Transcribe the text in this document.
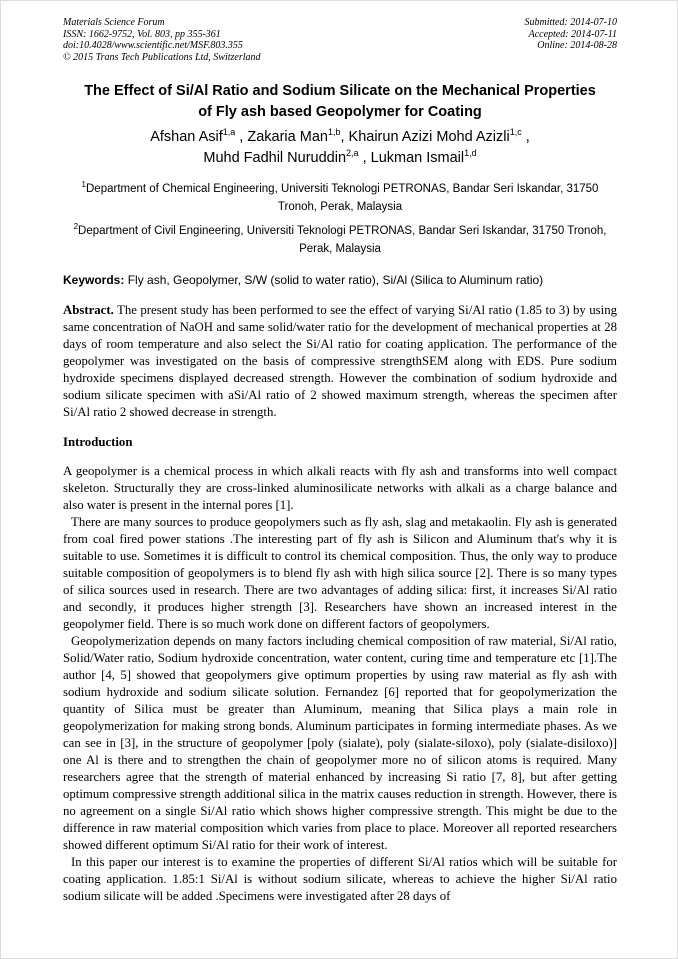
Materials Science Forum
ISSN: 1662-9752, Vol. 803, pp 355-361
doi:10.4028/www.scientific.net/MSF.803.355
© 2015 Trans Tech Publications Ltd, Switzerland
Submitted: 2014-07-10
Accepted: 2014-07-11
Online: 2014-08-28
The Effect of Si/Al Ratio and Sodium Silicate on the Mechanical Properties of Fly ash based Geopolymer for Coating
Afshan Asif$^{1,a}$ , Zakaria Man$^{1,b}$, Khairun Azizi Mohd Azizli$^{1,c}$ ,
Muhd Fadhil Nuruddin$^{2,a}$ , Lukman Ismail$^{1,d}$
$^1$Department of Chemical Engineering, Universiti Teknologi PETRONAS, Bandar Seri Iskandar, 31750 Tronoh, Perak, Malaysia
$^2$Department of Civil Engineering, Universiti Teknologi PETRONAS, Bandar Seri Iskandar, 31750 Tronoh, Perak, Malaysia

Keywords: Fly ash, Geopolymer, S/W (solid to water ratio), Si/Al (Silica to Aluminum ratio)

Abstract. The present study has been performed to see the effect of varying Si/Al ratio (1.85 to 3) by using same concentration of NaOH and same solid/water ratio for the development of mechanical properties at 28 days of room temperature and also select the Si/Al ratio for coating application. The performance of the geopolymer was investigated on the basis of compressive strengthSEM along with EDS. Pure sodium hydroxide specimens displayed decreased strength. However the combination of sodium hydroxide and sodium silicate specimen with aSi/Al ratio of 2 showed maximum strength, whereas the specimen after Si/Al ratio 2 showed decrease in strength.

Introduction

A geopolymer is a chemical process in which alkali reacts with fly ash and transforms into well compact skeleton. Structurally they are cross-linked aluminosilicate networks with alkali as a charge balance and also water is present in the internal pores [1].

There are many sources to produce geopolymers such as fly ash, slag and metakaolin. Fly ash is generated from coal fired power stations .The interesting part of fly ash is Silicon and Aluminum that's why it is suitable to use. Sometimes it is difficult to control its chemical composition. Thus, the only way to produce suitable composition of geopolymers is to blend fly ash with high silica source [2]. There is so many types of silica sources used in research. There are two advantages of adding silica: first, it increases Si/Al ratio and secondly, it produces higher strength [3]. Researchers have shown an increased interest in the geopolymer field. There is so much work done on different factors of geopolymers.

Geopolymerization depends on many factors including chemical composition of raw material, Si/Al ratio, Solid/Water ratio, Sodium hydroxide concentration, water content, curing time and temperature etc [1].The author [4, 5] showed that geopolymers give optimum properties by using raw material as fly ash with sodium hydroxide and sodium silicate solution. Fernandez [6] reported that for geopolymerization the quantity of Silica must be greater than Aluminum, meaning that Silica plays a main role in geopolymerization for making strong bonds. Aluminum participates in forming intermediate phases. As we can see in [3], in the structure of geopolymer [poly (sialate), poly (sialate-siloxo), poly (sialate-disiloxo)] one Al is there and to strengthen the chain of geopolymer more no of silicon atoms is required. Many researchers agree that the strength of material enhanced by increasing Si ratio [7, 8], but after getting optimum compressive strength additional silica in the matrix causes reduction in strength. However, there is no agreement on a single Si/Al ratio which shows higher compressive strength. This might be due to the difference in raw material composition which varies from place to place. Moreover all reported researchers showed different optimum Si/Al ratio for their work of interest.

In this paper our interest is to examine the properties of different Si/Al ratios which will be suitable for coating application. 1.85:1 Si/Al is without sodium silicate, whereas to achieve the higher Si/Al ratio sodium silicate will be added .Specimens were investigated after 28 days of
